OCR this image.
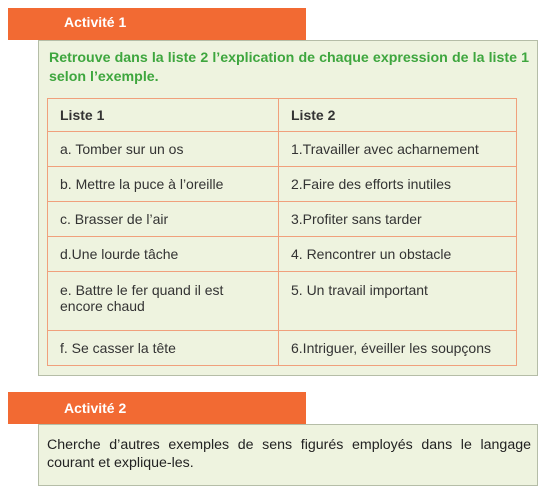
Retrouve dans la liste 2 l’explication de chaque expression de la liste 1 selon l’exemple.
Liste 1	Liste 2
a. Tomber sur un os	1.Travailler avec acharnement
b. Mettre la puce à l’oreille	2.Faire des efforts inutiles
c. Brasser de l’air	3.Profiter sans tarder
d.Une lourde tâche	4. Rencontrer un obstacle
e. Battre le fer quand il est encore chaud	5. Un travail important
f. Se casser la tête	6.Intriguer, éveiller les soupçons
Activité 1
Cherche d’autres exemples de sens figurés employés dans le langage courant et explique-les.
Activité 2
